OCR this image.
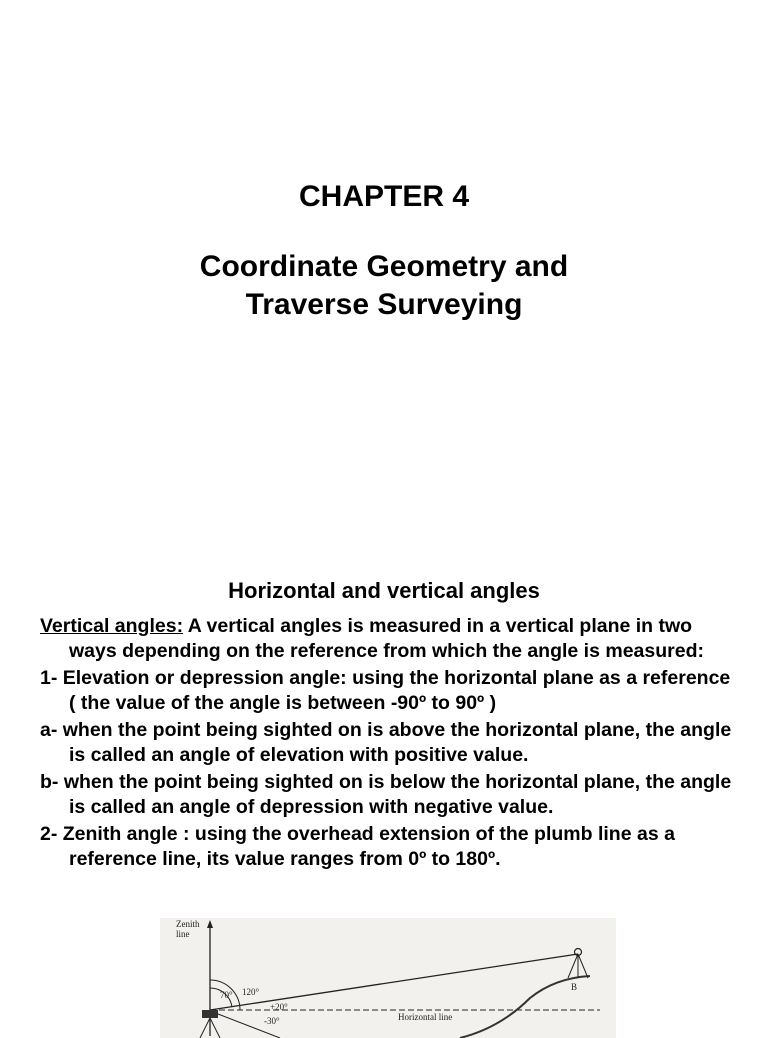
CHAPTER 4
Coordinate Geometry and
Traverse Surveying
Horizontal and vertical angles

Vertical angles: A vertical angles is measured in a vertical plane in two ways depending on the reference from which the angle is measured:

1- Elevation or depression angle: using the horizontal plane as a reference ( the value of the angle is between -90º to 90º )

a- when the point being sighted on is above the horizontal plane, the angle is called an angle of elevation with positive value.

b- when the point being sighted on is below the horizontal plane, the angle is called an angle of depression with negative value.

2- Zenith angle : using the overhead extension of the plumb line as a reference line, its value ranges from 0º to 180º.

Zenith
line
70° 120°
+20°
-30°	Horizontal line
B
